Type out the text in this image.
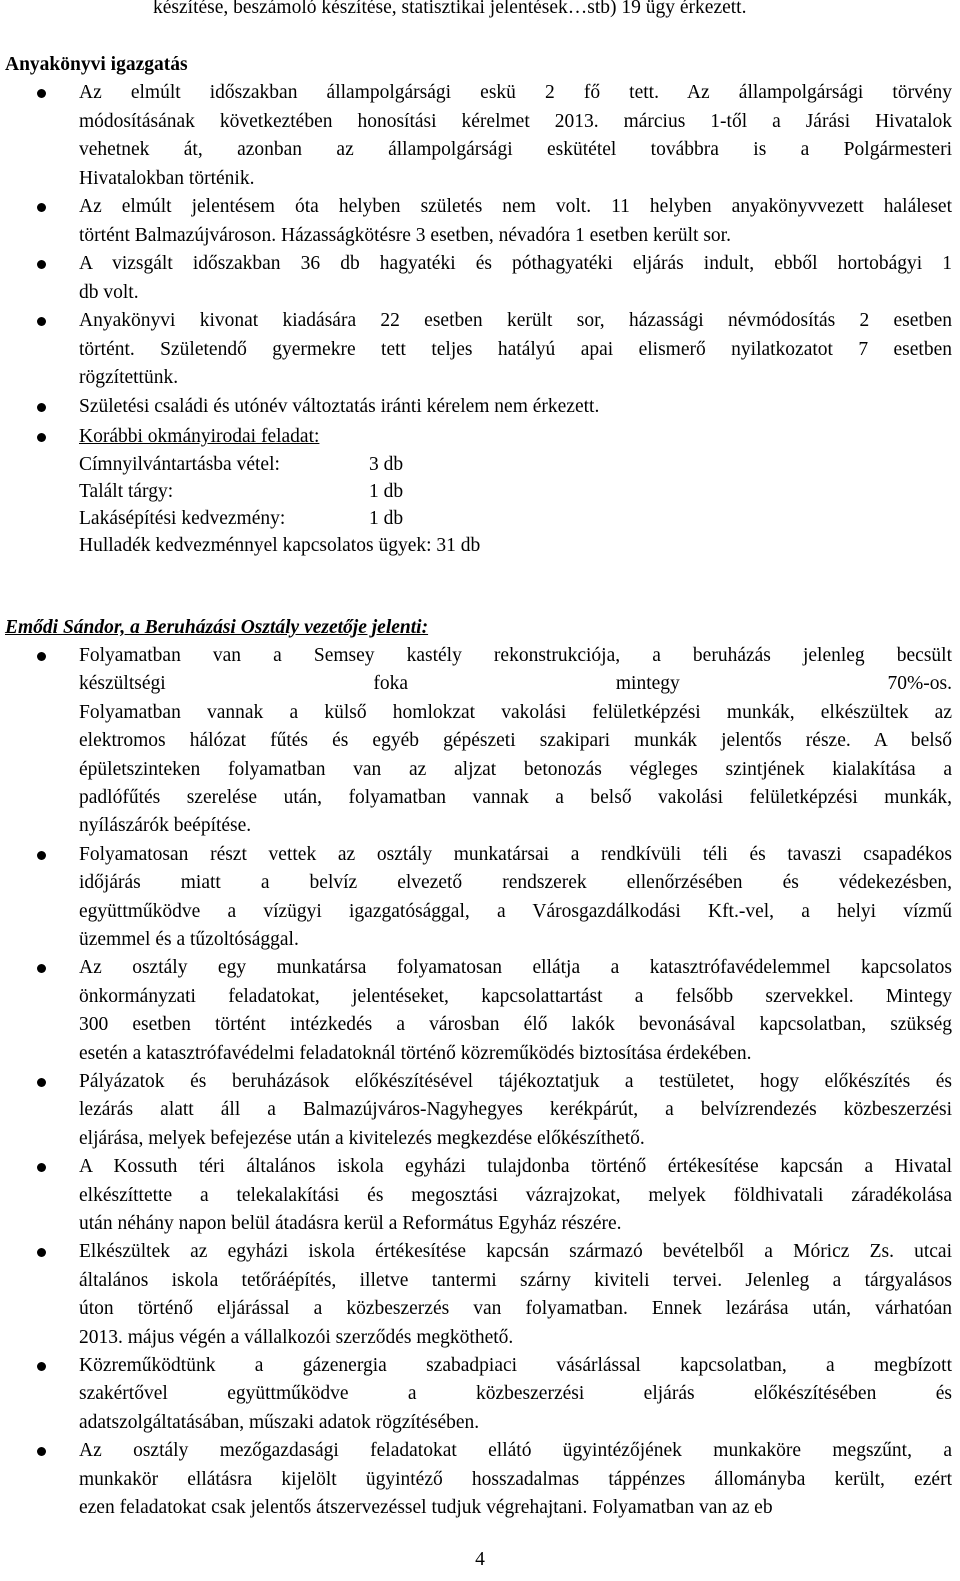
készítése, beszámoló készítése, statisztikai jelentések…stb) 19 ügy érkezett.
Anyakönyvi igazgatás
Az elmúlt időszakban állampolgársági eskü 2 fő tett. Az állampolgársági törvény
módosításának következtében honosítási kérelmet 2013. március 1-től a Járási Hivatalok
vehetnek át, azonban az állampolgársági eskütétel továbbra is a Polgármesteri
Hivatalokban történik.
Az elmúlt jelentésem óta helyben születés nem volt. 11 helyben anyakönyvvezett haláleset
történt Balmazújvároson. Házasságkötésre 3 esetben, névadóra 1 esetben került sor.
A vizsgált időszakban 36 db hagyatéki és póthagyatéki eljárás indult, ebből hortobágyi 1
db volt.
Anyakönyvi kivonat kiadására 22 esetben került sor, házassági névmódosítás 2 esetben
történt. Születendő gyermekre tett teljes hatályú apai elismerő nyilatkozatot 7 esetben
rögzítettünk.
Születési családi és utónév változtatás iránti kérelem nem érkezett.
Korábbi okmányirodai feladat:
Címnyilvántartásba vétel:	3 db
Talált tárgy:	1 db
Lakásépítési kedvezmény:	1 db
Hulladék kedvezménnyel kapcsolatos ügyek: 31 db
Emődi Sándor, a Beruházási Osztály vezetője jelenti:
Folyamatban van a Semsey kastély rekonstrukciója, a beruházás jelenleg becsült
készültségi foka mintegy 70%-os.
Folyamatban vannak a külső homlokzat vakolási felületképzési munkák, elkészültek az
elektromos hálózat fűtés és egyéb gépészeti szakipari munkák jelentős része. A belső
épületszinteken folyamatban van az aljzat betonozás végleges szintjének kialakítása a
padlófűtés szerelése után, folyamatban vannak a belső vakolási felületképzési munkák,
nyílászárók beépítése.
Folyamatosan részt vettek az osztály munkatársai a rendkívüli téli és tavaszi csapadékos
időjárás miatt a belvíz elvezető rendszerek ellenőrzésében és védekezésben,
együttműködve a vízügyi igazgatósággal, a Városgazdálkodási Kft.-vel, a helyi vízmű
üzemmel és a tűzoltósággal.
Az osztály egy munkatársa folyamatosan ellátja a katasztrófavédelemmel kapcsolatos
önkormányzati feladatokat, jelentéseket, kapcsolattartást a felsőbb szervekkel. Mintegy
300 esetben történt intézkedés a városban élő lakók bevonásával kapcsolatban, szükség
esetén a katasztrófavédelmi feladatoknál történő közreműködés biztosítása érdekében.
Pályázatok és beruházások előkészítésével tájékoztatjuk a testületet, hogy előkészítés és
lezárás alatt áll a Balmazújváros-Nagyhegyes kerékpárút, a belvízrendezés közbeszerzési
eljárása, melyek befejezése után a kivitelezés megkezdése előkészíthető.
A Kossuth téri általános iskola egyházi tulajdonba történő értékesítése kapcsán a Hivatal
elkészíttette a telekalakítási és megosztási vázrajzokat, melyek földhivatali záradékolása
után néhány napon belül átadásra kerül a Református Egyház részére.
Elkészültek az egyházi iskola értékesítése kapcsán származó bevételből a Móricz Zs. utcai
általános iskola tetőráépítés, illetve tantermi szárny kiviteli tervei. Jelenleg a tárgyalásos
úton történő eljárással a közbeszerzés van folyamatban. Ennek lezárása után, várhatóan
2013. május végén a vállalkozói szerződés megköthető.
Közreműködtünk a gázenergia szabadpiaci vásárlással kapcsolatban, a megbízott
szakértővel együttműködve a közbeszerzési eljárás előkészítésében és
adatszolgáltatásában, műszaki adatok rögzítésében.
Az osztály mezőgazdasági feladatokat ellátó ügyintézőjének munkaköre megszűnt, a
munkakör ellátásra kijelölt ügyintéző hosszadalmas táppénzes állományba került, ezért
ezen feladatokat csak jelentős átszervezéssel tudjuk végrehajtani. Folyamatban van az eb
4
